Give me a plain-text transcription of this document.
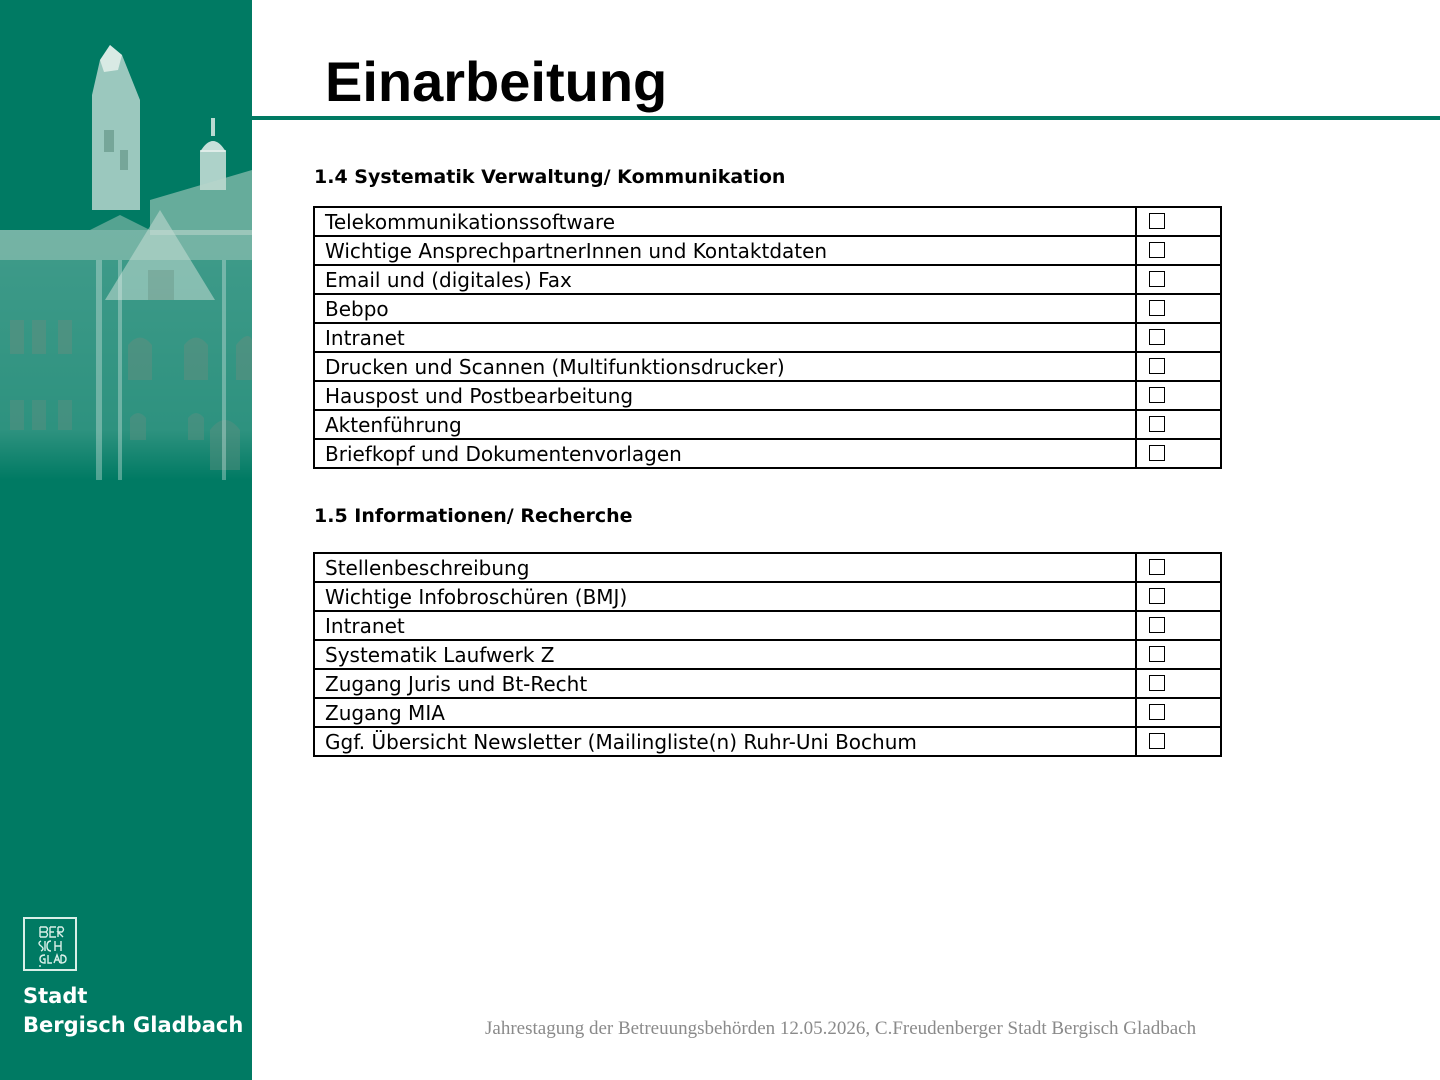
Stadt
Bergisch Gladbach
Einarbeitung
1.4 Systematik Verwaltung/ Kommunikation
Telekommunikationssoftware	
Wichtige AnsprechpartnerInnen und Kontaktdaten	
Email und (digitales) Fax	
Bebpo	
Intranet	
Drucken und Scannen (Multifunktionsdrucker)	
Hauspost und Postbearbeitung	
Aktenführung	
Briefkopf und Dokumentenvorlagen	
1.5 Informationen/ Recherche
Stellenbeschreibung	
Wichtige Infobroschüren (BMJ)	
Intranet	
Systematik Laufwerk Z	
Zugang Juris und Bt-Recht	
Zugang MIA	
Ggf. Übersicht Newsletter (Mailingliste(n) Ruhr-Uni Bochum	
Jahrestagung der Betreuungsbehörden 12.05.2026, C.Freudenberger Stadt Bergisch Gladbach
